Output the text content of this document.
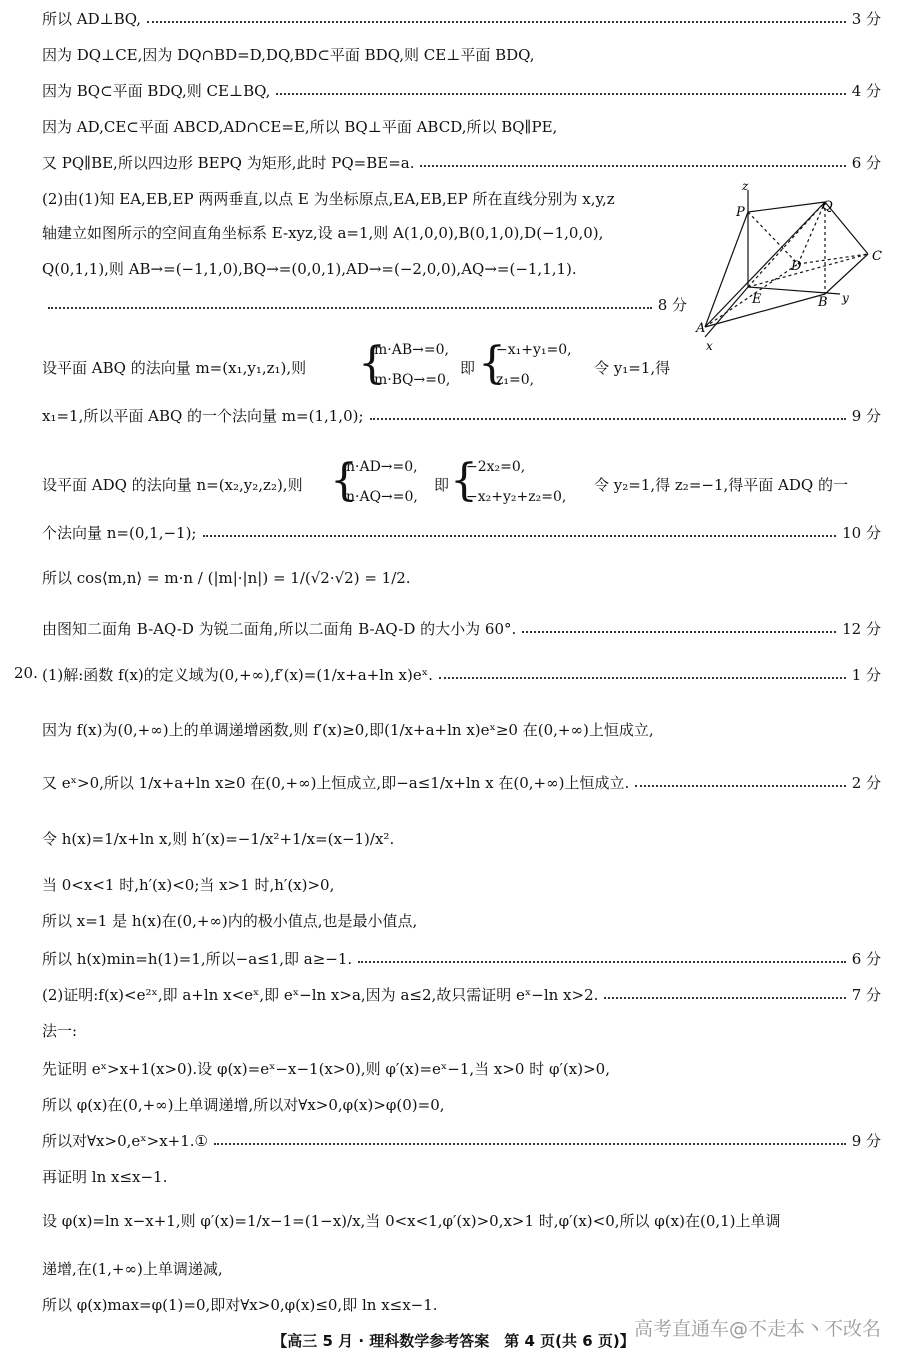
所以 AD⊥BQ,	3 分
因为 DQ⊥CE,因为 DQ∩BD=D,DQ,BD⊂平面 BDQ,则 CE⊥平面 BDQ,
因为 BQ⊂平面 BDQ,则 CE⊥BQ,	4 分
因为 AD,CE⊂平面 ABCD,AD∩CE=E,所以 BQ⊥平面 ABCD,所以 BQ∥PE,
又 PQ∥BE,所以四边形 BEPQ 为矩形,此时 PQ=BE=a.	6 分
(2)由(1)知 EA,EB,EP 两两垂直,以点 E 为坐标原点,EA,EB,EP 所在直线分别为 x,y,z
轴建立如图所示的空间直角坐标系 E-xyz,设 a=1,则 A(1,0,0),B(0,1,0),D(−1,0,0),
Q(0,1,1),则 AB→=(−1,1,0),BQ→=(0,0,1),AD→=(−2,0,0),AQ→=(−1,1,1).
8 分
x₁=1,所以平面 ABQ 的一个法向量 m=(1,1,0);	9 分
个法向量 n=(0,1,−1);	10 分
所以 cos⟨m,n⟩ = m·n / (|m|·|n|) = 1/(√2·√2) = 1/2.
由图知二面角 B-AQ-D 为锐二面角,所以二面角 B-AQ-D 的大小为 60°.	12 分
(1)解:函数 f(x)的定义域为(0,+∞),f′(x)=(1/x+a+ln x)eˣ.	1 分
因为 f(x)为(0,+∞)上的单调递增函数,则 f′(x)≥0,即(1/x+a+ln x)eˣ≥0 在(0,+∞)上恒成立,
又 eˣ>0,所以 1/x+a+ln x≥0 在(0,+∞)上恒成立,即−a≤1/x+ln x 在(0,+∞)上恒成立.	2 分
令 h(x)=1/x+ln x,则 h′(x)=−1/x²+1/x=(x−1)/x².
当 0<x<1 时,h′(x)<0;当 x>1 时,h′(x)>0,
所以 x=1 是 h(x)在(0,+∞)内的极小值点,也是最小值点,
所以 h(x)min=h(1)=1,所以−a≤1,即 a≥−1.	6 分
(2)证明:f(x)<e²ˣ,即 a+ln x<eˣ,即 eˣ−ln x>a,因为 a≤2,故只需证明 eˣ−ln x>2.	7 分
法一:
先证明 eˣ>x+1(x>0).设 φ(x)=eˣ−x−1(x>0),则 φ′(x)=eˣ−1,当 x>0 时 φ′(x)>0,
所以 φ(x)在(0,+∞)上单调递增,所以对∀x>0,φ(x)>φ(0)=0,
所以对∀x>0,eˣ>x+1.①	9 分
再证明 ln x≤x−1.
设 φ(x)=ln x−x+1,则 φ′(x)=1/x−1=(1−x)/x,当 0<x<1,φ′(x)>0,x>1 时,φ′(x)<0,所以 φ(x)在(0,1)上单调
递增,在(1,+∞)上单调递减,
所以 φ(x)max=φ(1)=0,即对∀x>0,φ(x)≤0,即 ln x≤x−1.
设平面 ABQ 的法向量 m=(x₁,y₁,z₁),则 {
m·AB→=0,
m·BQ→=0,
即 {
−x₁+y₁=0,
z₁=0,
令 y₁=1,得
设平面 ADQ 的法向量 n=(x₂,y₂,z₂),则 {
n·AD→=0,
n·AQ→=0,
即 {
−2x₂=0,
−x₂+y₂+z₂=0,
令 y₂=1,得 z₂=−1,得平面 ADQ 的一
20.
z
P	Q
C
D
E	B y
A
x
【高三 5 月 · 理科数学参考答案　第 4 页(共 6 页)】
高考直通车@不走本丶不改名
